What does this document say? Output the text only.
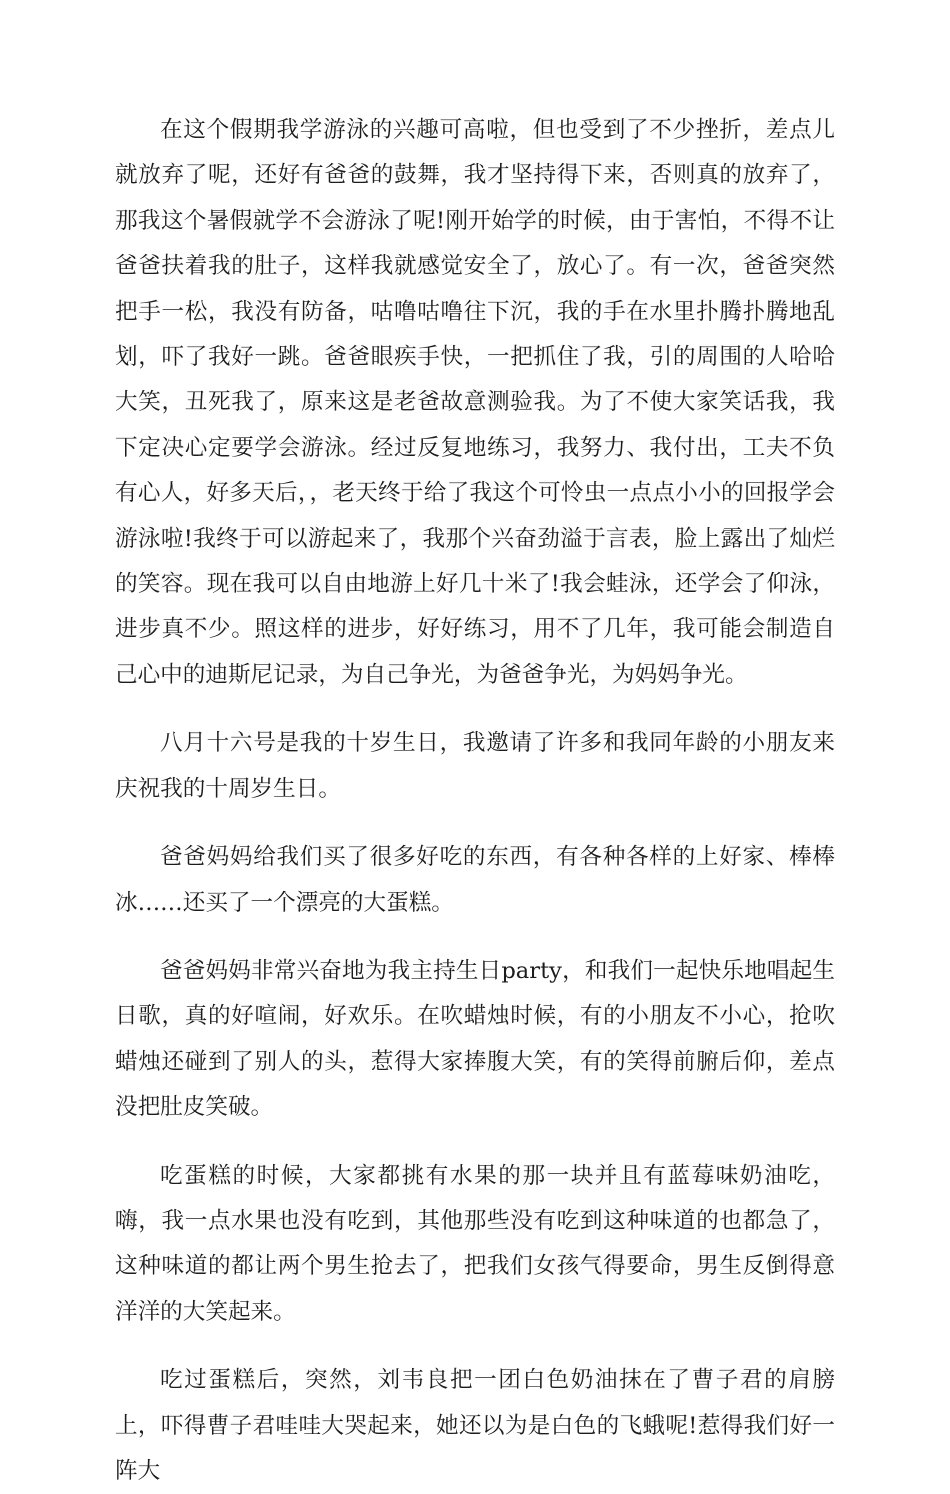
在这个假期我学游泳的兴趣可高啦，但也受到了不少挫折，差点儿就放弃了呢，还好有爸爸的鼓舞，我才坚持得下来，否则真的放弃了，那我这个暑假就学不会游泳了呢!刚开始学的时候，由于害怕，不得不让爸爸扶着我的肚子，这样我就感觉安全了，放心了。有一次，爸爸突然把手一松，我没有防备，咕噜咕噜往下沉，我的手在水里扑腾扑腾地乱划，吓了我好一跳。爸爸眼疾手快，一把抓住了我，引的周围的人哈哈大笑，丑死我了，原来这是老爸故意测验我。为了不使大家笑话我，我下定决心定要学会游泳。经过反复地练习，我努力、我付出，工夫不负有心人，好多天后，，老天终于给了我这个可怜虫一点点小小的回报学会游泳啦!我终于可以游起来了，我那个兴奋劲溢于言表，脸上露出了灿烂的笑容。现在我可以自由地游上好几十米了!我会蛙泳，还学会了仰泳，进步真不少。照这样的进步，好好练习，用不了几年，我可能会制造自己心中的迪斯尼记录，为自己争光，为爸爸争光，为妈妈争光。

八月十六号是我的十岁生日，我邀请了许多和我同年龄的小朋友来庆祝我的十周岁生日。

爸爸妈妈给我们买了很多好吃的东西，有各种各样的上好家、棒棒冰……还买了一个漂亮的大蛋糕。

爸爸妈妈非常兴奋地为我主持生日party，和我们一起快乐地唱起生日歌，真的好喧闹，好欢乐。在吹蜡烛时候，有的小朋友不小心，抢吹蜡烛还碰到了别人的头，惹得大家捧腹大笑，有的笑得前腑后仰，差点没把肚皮笑破。

吃蛋糕的时候，大家都挑有水果的那一块并且有蓝莓味奶油吃，嗨，我一点水果也没有吃到，其他那些没有吃到这种味道的也都急了，这种味道的都让两个男生抢去了，把我们女孩气得要命，男生反倒得意洋洋的大笑起来。

吃过蛋糕后，突然，刘韦良把一团白色奶油抹在了曹子君的肩膀上，吓得曹子君哇哇大哭起来，她还以为是白色的飞蛾呢!惹得我们好一阵大
